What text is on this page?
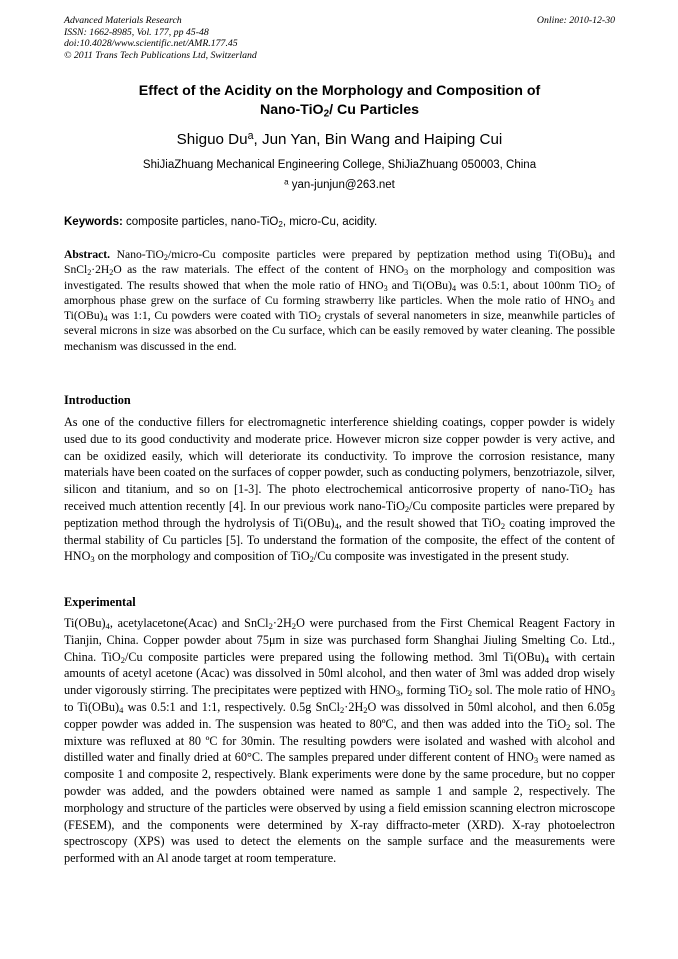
Advanced Materials Research
ISSN: 1662-8985, Vol. 177, pp 45-48
doi:10.4028/www.scientific.net/AMR.177.45
© 2011 Trans Tech Publications Ltd, Switzerland
Online: 2010-12-30
Effect of the Acidity on the Morphology and Composition of
Nano-TiO$_2$/ Cu Particles
Shiguo Du$^a$, Jun Yan, Bin Wang and Haiping Cui
ShiJiaZhuang Mechanical Engineering College, ShiJiaZhuang 050003, China
$^a$ yan-junjun@263.net
Keywords: composite particles, nano-TiO$_2$, micro-Cu, acidity.
Abstract. Nano-TiO$_2$/micro-Cu composite particles were prepared by peptization method using $Ti(OBu)_4$ and $SnCl_2\cdot 2H_2O$ as the raw materials. The effect of the content of $HNO_3$ on the morphology and composition was investigated. The results showed that when the mole ratio of $HNO_3$ and $Ti(OBu)_4$ was 0.5:1, about 100nm TiO$_2$ of amorphous phase grew on the surface of Cu forming strawberry like particles. When the mole ratio of $HNO_3$ and $Ti(OBu)_4$ was 1:1, Cu powders were coated with TiO$_2$ crystals of several nanometers in size, meanwhile particles of several microns in size was absorbed on the Cu surface, which can be easily removed by water cleaning. The possible mechanism was discussed in the end.
Introduction
As one of the conductive fillers for electromagnetic interference shielding coatings, copper powder is widely used due to its good conductivity and moderate price. However micron size copper powder is very active, and can be oxidized easily, which will deteriorate its conductivity. To improve the corrosion resistance, many materials have been coated on the surfaces of copper powder, such as conducting polymers, benzotriazole, silver, silicon and titanium, and so on [1-3]. The photo electrochemical anticorrosive property of nano-TiO$_2$ has received much attention recently [4]. In our previous work nano-TiO$_2$/Cu composite particles were prepared by peptization method through the hydrolysis of $Ti(OBu)_4$, and the result showed that TiO$_2$ coating improved the thermal stability of Cu particles [5]. To understand the formation of the composite, the effect of the content of $HNO_3$ on the morphology and composition of TiO$_2$/Cu composite was investigated in the present study.
Experimental
$Ti(OBu)_4$, acetylacetone(Acac) and $SnCl_2\cdot 2H_2O$ were purchased from the First Chemical Reagent Factory in Tianjin, China. Copper powder about 75μm in size was purchased form Shanghai Jiuling Smelting Co. Ltd., China. TiO$_2$/Cu composite particles were prepared using the following method. 3ml $Ti(OBu)_4$ with certain amounts of acetyl acetone (Acac) was dissolved in 50ml alcohol, and then water of 3ml was added drop wisely under vigorously stirring. The precipitates were peptized with $HNO_3$, forming TiO$_2$ sol. The mole ratio of $HNO_3$ to $Ti(OBu)_4$ was 0.5:1 and 1:1, respectively. 0.5g $SnCl_2\cdot 2H_2O$ was dissolved in 50ml alcohol, and then 6.05g copper powder was added in. The suspension was heated to 80ºC, and then was added into the TiO$_2$ sol. The mixture was refluxed at 80 ºC for 30min. The resulting powders were isolated and washed with alcohol and distilled water and finally dried at 60°C. The samples prepared under different content of $HNO_3$ were named as composite 1 and composite 2, respectively. Blank experiments were done by the same procedure, but no copper powder was added, and the powders obtained were named as sample 1 and sample 2, respectively. The morphology and structure of the particles were observed by using a field emission scanning electron microscope (FESEM), and the components were determined by X-ray diffracto-meter (XRD). X-ray photoelectron spectroscopy (XPS) was used to detect the elements on the sample surface and the measurements were performed with an Al anode target at room temperature.
